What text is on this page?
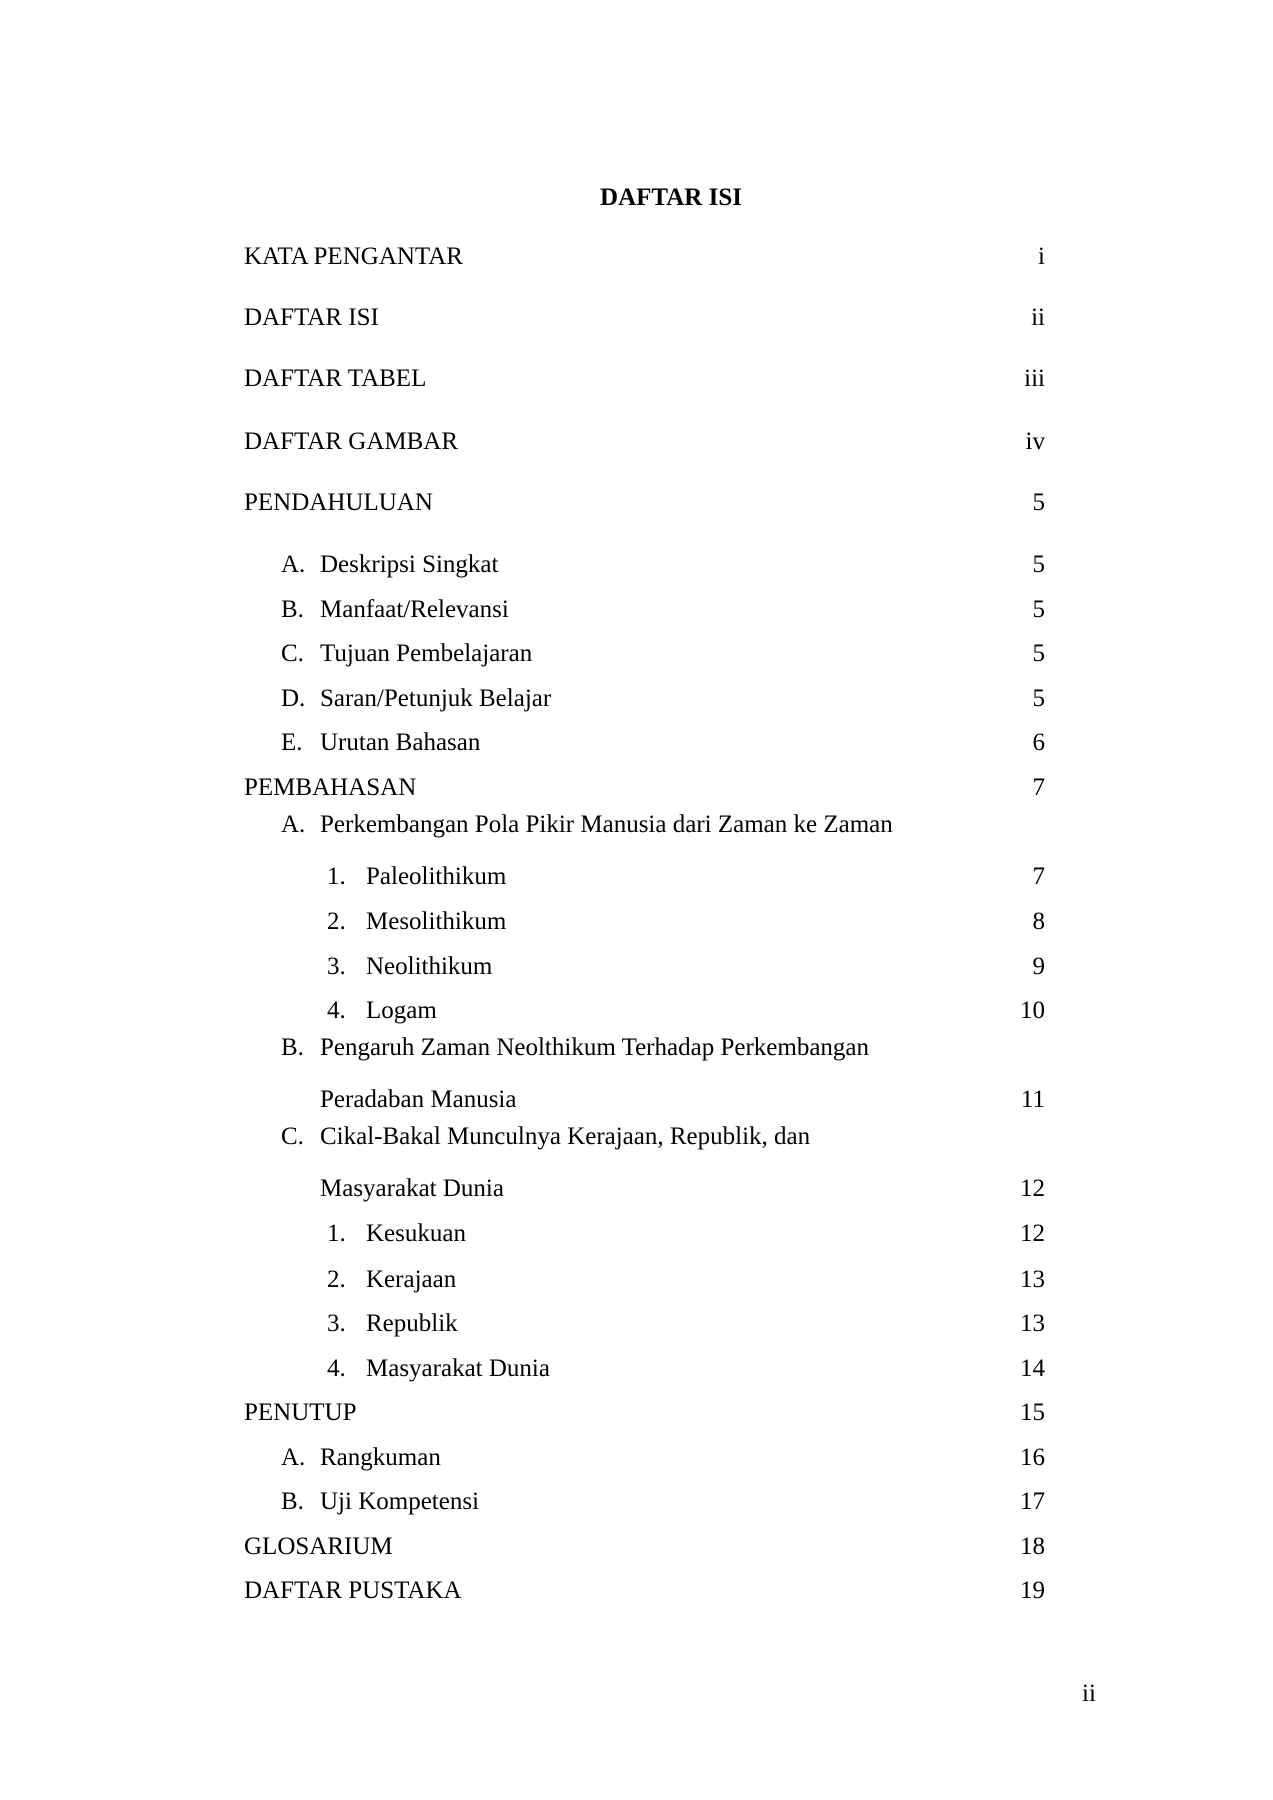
DAFTAR ISI
KATA PENGANTAR	i
DAFTAR ISI	ii
DAFTAR TABEL	iii
DAFTAR GAMBAR	iv
PENDAHULUAN	5
A. Deskripsi Singkat	5
B. Manfaat/Relevansi	5
C. Tujuan Pembelajaran	5
D. Saran/Petunjuk Belajar	5
E. Urutan Bahasan	6
PEMBAHASAN	7
A. Perkembangan Pola Pikir Manusia dari Zaman ke Zaman
1. Paleolithikum	7
2. Mesolithikum	8
3. Neolithikum	9
4. Logam	10
B. Pengaruh Zaman Neolthikum Terhadap Perkembangan
Peradaban Manusia	11
C. Cikal-Bakal Munculnya Kerajaan, Republik, dan
Masyarakat Dunia	12
1. Kesukuan	12
2. Kerajaan	13
3. Republik	13
4. Masyarakat Dunia	14
PENUTUP	15
A. Rangkuman	16
B. Uji Kompetensi	17
GLOSARIUM	18
DAFTAR PUSTAKA	19
ii
